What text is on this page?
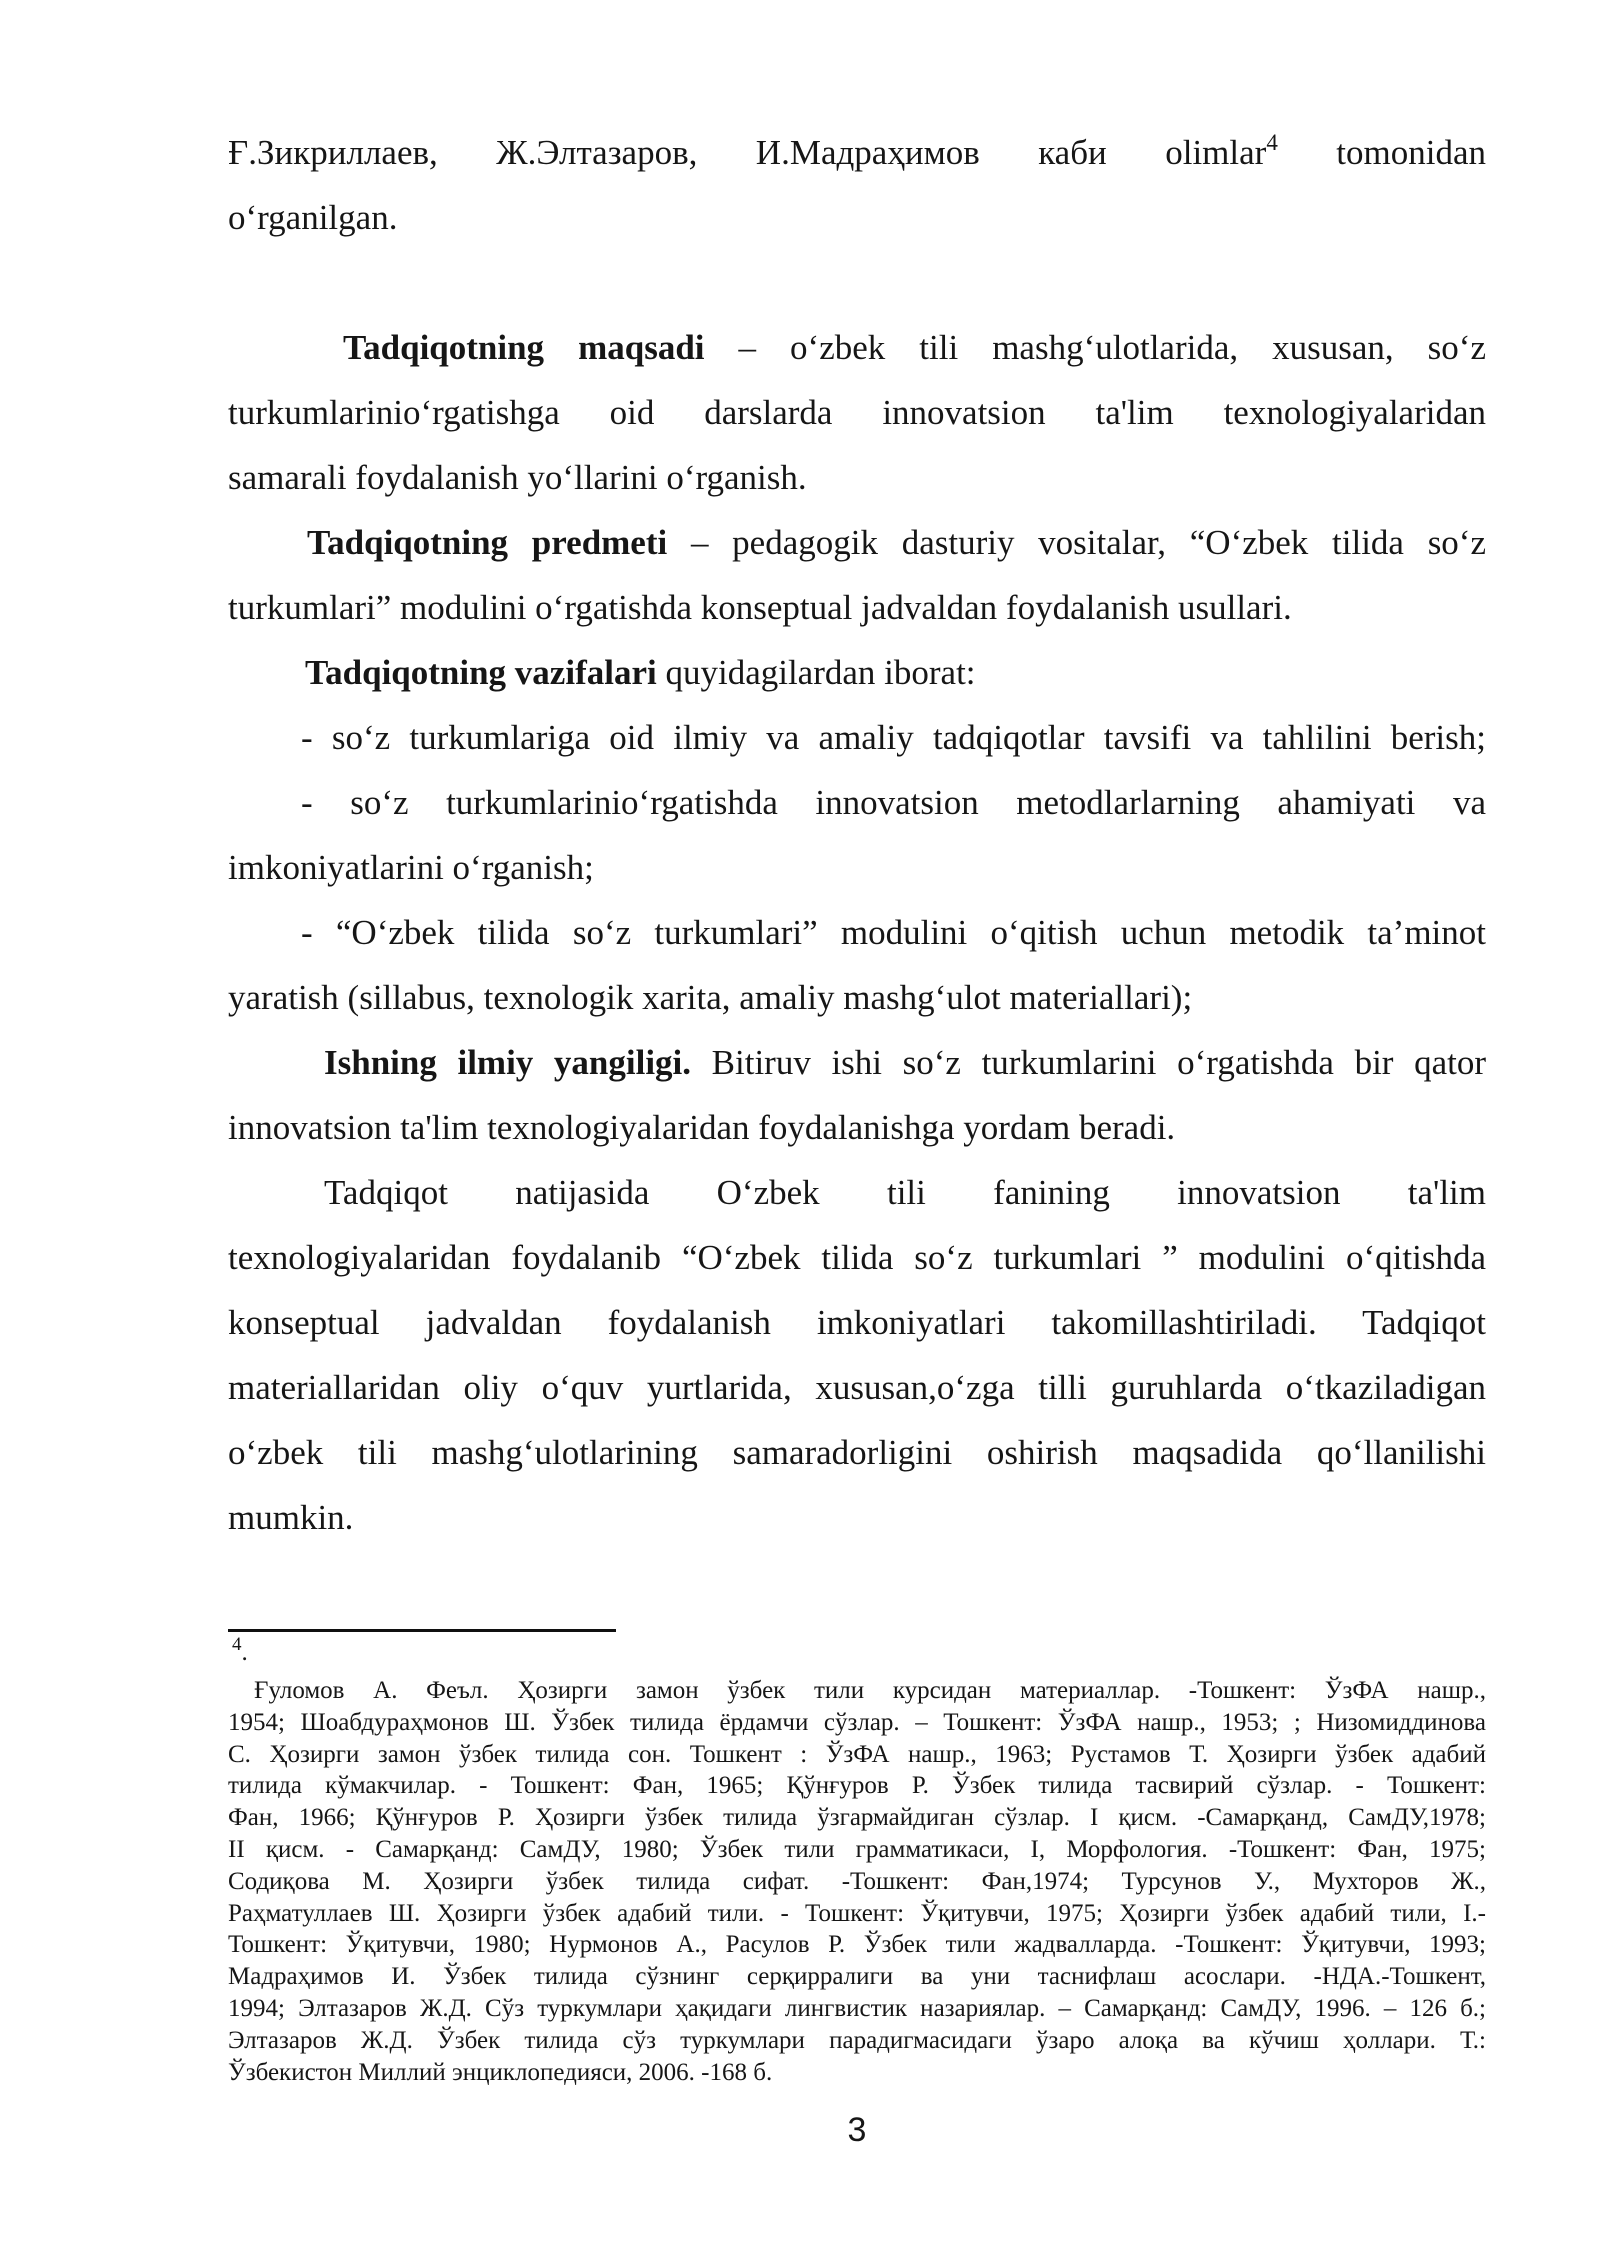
Ғ.Зикриллаев, Ж.Элтазаров, И.Мадраҳимов каби olimlar$^4$ tomonidan
o‘rganilgan.

Tadqiqotning maqsadi – o‘zbek tili mashg‘ulotlarida, xususan, so‘z
turkumlarinio‘rgatishga oid darslarda innovatsion ta'lim texnologiyalaridan
samarali foydalanish yo‘llarini o‘rganish.
Tadqiqotning predmeti – pedagogik dasturiy vositalar, “O‘zbek tilida so‘z
turkumlari” modulini o‘rgatishda konseptual jadvaldan foydalanish usullari.
Tadqiqotning vazifalari quyidagilardan iborat:
- so‘z turkumlariga oid ilmiy va amaliy tadqiqotlar tavsifi va tahlilini berish;
- so‘z turkumlarinio‘rgatishda innovatsion metodlarlarning ahamiyati va
imkoniyatlarini o‘rganish;
- “O‘zbek tilida so‘z turkumlari” modulini o‘qitish uchun metodik ta’minot
yaratish (sillabus, texnologik xarita, amaliy mashg‘ulot materiallari);
Ishning ilmiy yangiligi. Bitiruv ishi so‘z turkumlarini o‘rgatishda bir qator
innovatsion ta'lim texnologiyalaridan foydalanishga yordam beradi.
Tadqiqot natijasida O‘zbek tili fanining innovatsion ta'lim
texnologiyalaridan foydalanib “O‘zbek tilida so‘z turkumlari ” modulini o‘qitishda
konseptual jadvaldan foydalanish imkoniyatlari takomillashtiriladi. Tadqiqot
materiallaridan oliy o‘quv yurtlarida, xususan,o‘zga tilli guruhlarda o‘tkaziladigan
o‘zbek tili mashg‘ulotlarining samaradorligini oshirish maqsadida qo‘llanilishi
mumkin.
$^4$.
Ғуломов А. Феъл. Ҳозирги замон ўзбек тили курсидан материаллар. -Тошкент: ЎзФА нашр.,
1954; Шоабдураҳмонов Ш. Ўзбек тилида ёрдамчи сўзлар. – Тошкент: ЎзФА нашр., 1953; ; Низомиддинова
С. Ҳозирги замон ўзбек тилида сон. Тошкент : ЎзФА нашр., 1963; Рустамов Т. Ҳозирги ўзбек адабий
тилида кўмакчилар. - Тошкент: Фан, 1965; Қўнғуров Р. Ўзбек тилида тасвирий сўзлар. - Тошкент:
Фан, 1966; Қўнғуров Р. Ҳозирги ўзбек тилида ўзгармайдиган сўзлар. I қисм. -Самарқанд, СамДУ,1978;
II қисм. - Самарқанд: СамДУ, 1980; Ўзбек тили грамматикаси, I, Морфология. -Тошкент: Фан, 1975;
Содиқова М. Ҳозирги ўзбек тилида сифат. -Тошкент: Фан,1974; Турсунов У., Мухторов Ж.,
Раҳматуллаев Ш. Ҳозирги ўзбек адабий тили. - Тошкент: Ўқитувчи, 1975; Ҳозирги ўзбек адабий тили, I.-
Тошкент: Ўқитувчи, 1980; Нурмонов А., Расулов Р. Ўзбек тили жадвалларда. -Тошкент: Ўқитувчи, 1993;
Мадраҳимов И. Ўзбек тилида сўзнинг серқирралиги ва уни таснифлаш асослари. -НДА.-Тошкент,
1994; Элтазаров Ж.Д. Сўз туркумлари ҳақидаги лингвистик назариялар. – Самарқанд: СамДУ, 1996. – 126 б.;
Элтазаров Ж.Д. Ўзбек тилида сўз туркумлари парадигмасидаги ўзаро алоқа ва кўчиш ҳоллари. Т.:
Ўзбекистон Миллий энциклопедияси, 2006. -168 б.
3
